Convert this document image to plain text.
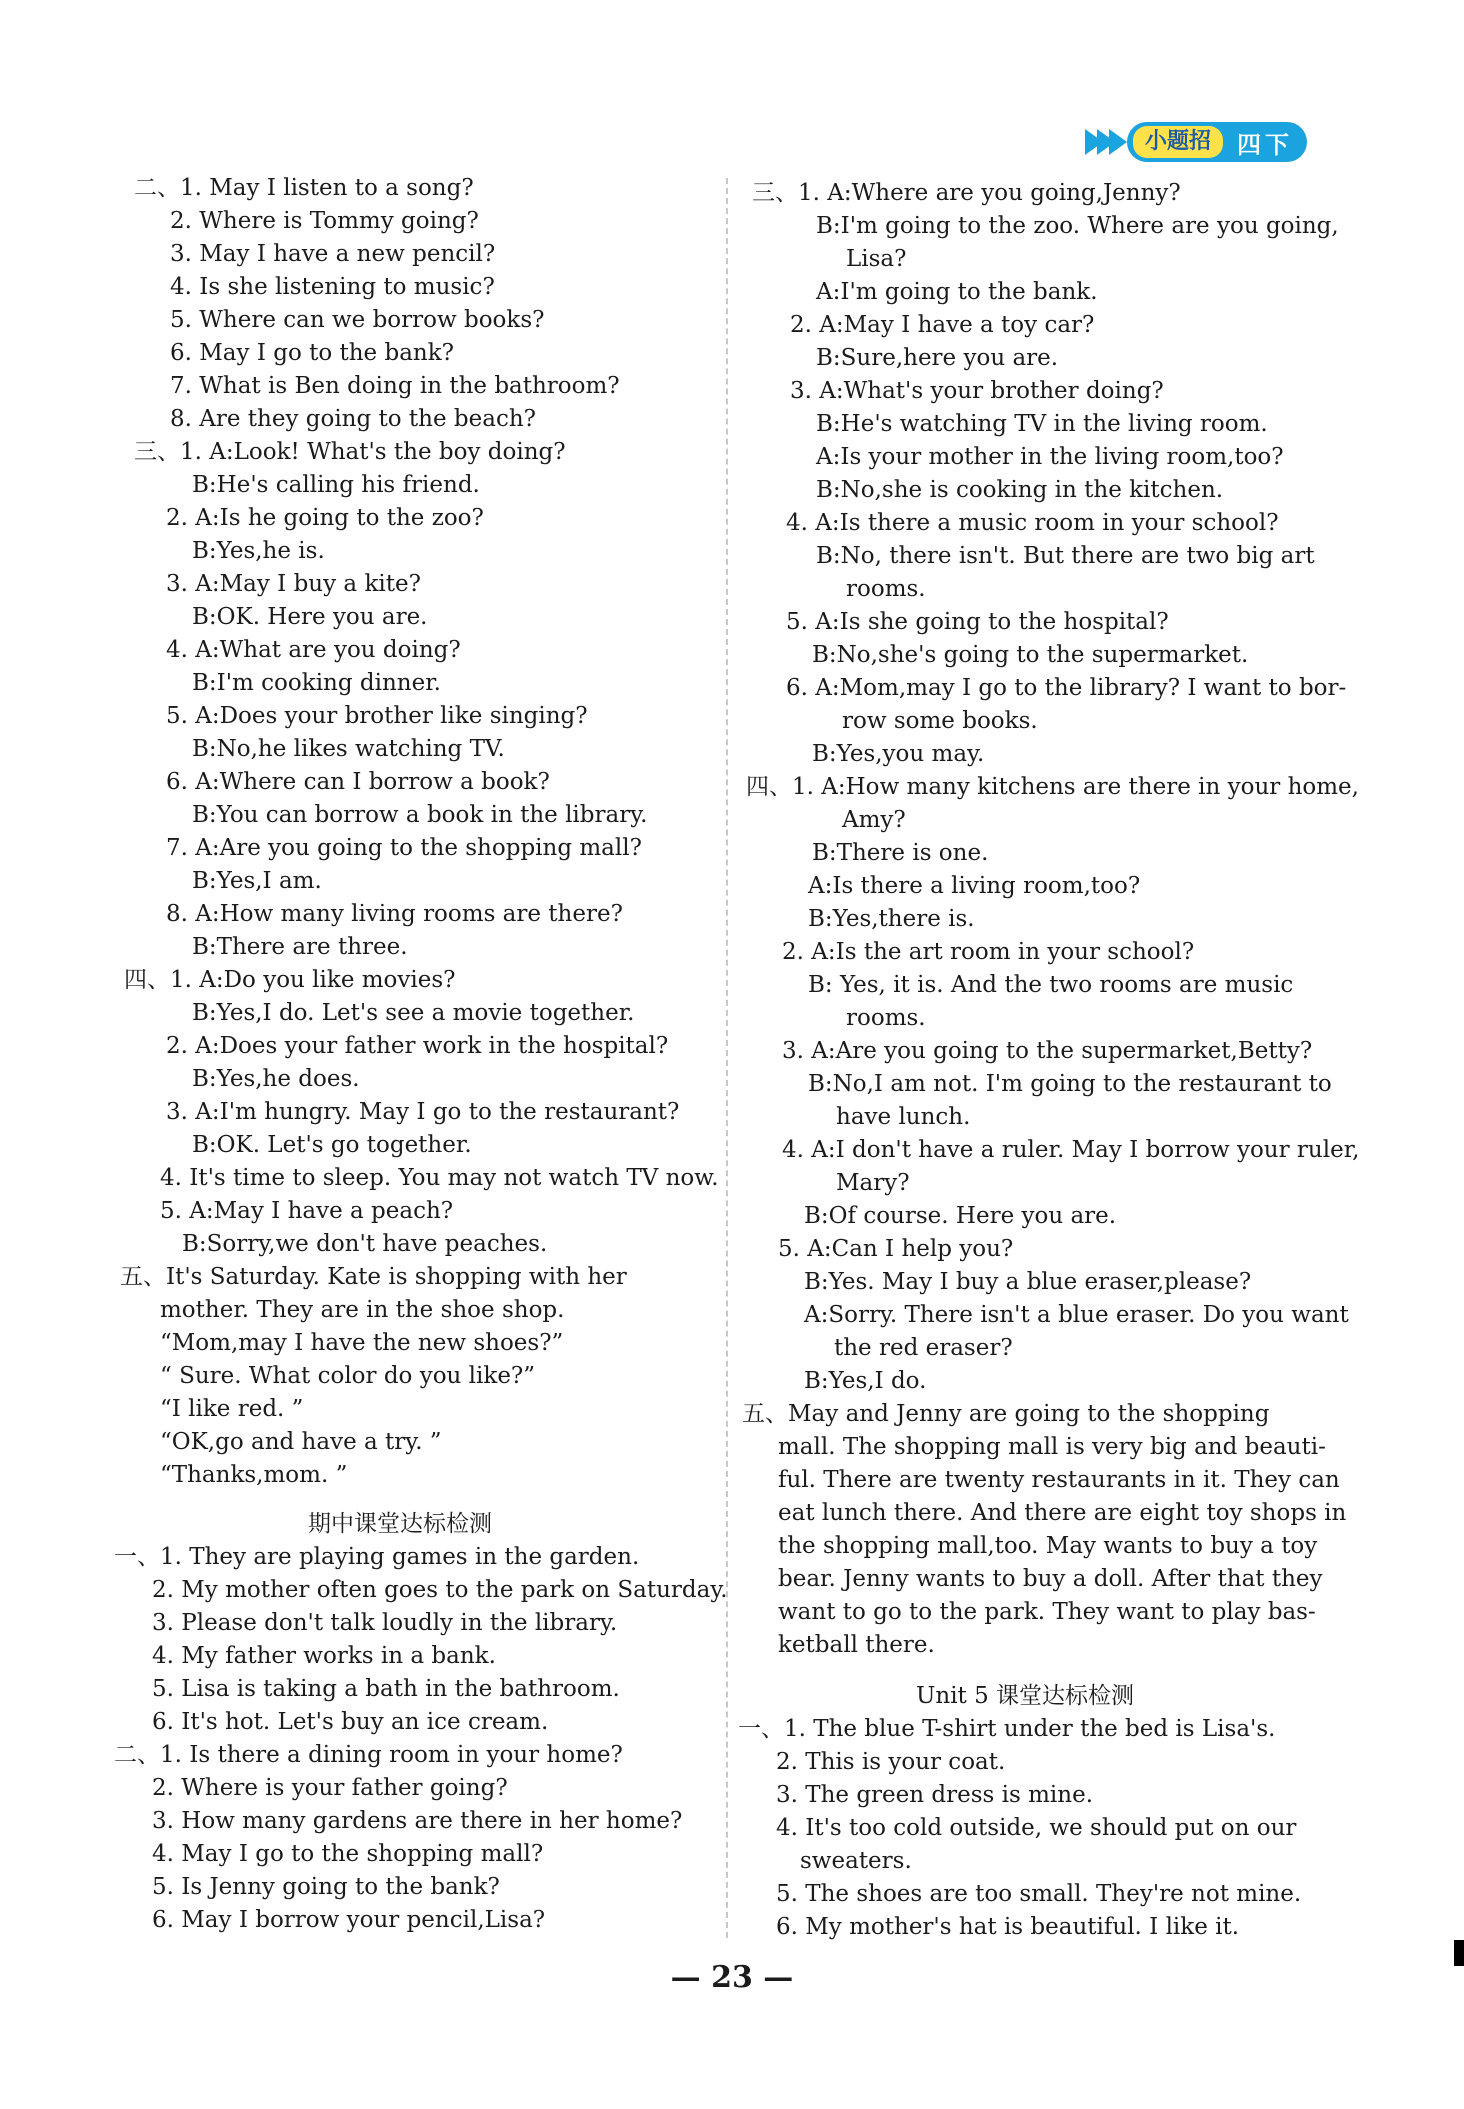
小题招	四下
二、1. May I listen to a song?
2. Where is Tommy going?
3. May I have a new pencil?
4. Is she listening to music?
5. Where can we borrow books?
6. May I go to the bank?
7. What is Ben doing in the bathroom?
8. Are they going to the beach?
三、1. A:Look! What's the boy doing?
B:He's calling his friend.
2. A:Is he going to the zoo?
B:Yes,he is.
3. A:May I buy a kite?
B:OK. Here you are.
4. A:What are you doing?
B:I'm cooking dinner.
5. A:Does your brother like singing?
B:No,he likes watching TV.
6. A:Where can I borrow a book?
B:You can borrow a book in the library.
7. A:Are you going to the shopping mall?
B:Yes,I am.
8. A:How many living rooms are there?
B:There are three.
四、1. A:Do you like movies?
B:Yes,I do. Let's see a movie together.
2. A:Does your father work in the hospital?
B:Yes,he does.
3. A:I'm hungry. May I go to the restaurant?
B:OK. Let's go together.
4. It's time to sleep. You may not watch TV now.
5. A:May I have a peach?
B:Sorry,we don't have peaches.
五、It's Saturday. Kate is shopping with her
mother. They are in the shoe shop.
“Mom,may I have the new shoes?”
“ Sure. What color do you like?”
“I like red. ”
“OK,go and have a try. ”
“Thanks,mom. ”
期中课堂达标检测
一、1. They are playing games in the garden.
2. My mother often goes to the park on Saturday.
3. Please don't talk loudly in the library.
4. My father works in a bank.
5. Lisa is taking a bath in the bathroom.
6. It's hot. Let's buy an ice cream.
二、1. Is there a dining room in your home?
2. Where is your father going?
3. How many gardens are there in her home?
4. May I go to the shopping mall?
5. Is Jenny going to the bank?
6. May I borrow your pencil,Lisa?
三、1. A:Where are you going,Jenny?
B:I'm going to the zoo. Where are you going,
Lisa?
A:I'm going to the bank.
2. A:May I have a toy car?
B:Sure,here you are.
3. A:What's your brother doing?
B:He's watching TV in the living room.
A:Is your mother in the living room,too?
B:No,she is cooking in the kitchen.
4. A:Is there a music room in your school?
B:No, there isn't. But there are two big art
rooms.
5. A:Is she going to the hospital?
B:No,she's going to the supermarket.
6. A:Mom,may I go to the library? I want to bor-
row some books.
B:Yes,you may.
四、1. A:How many kitchens are there in your home,
Amy?
B:There is one.
A:Is there a living room,too?
B:Yes,there is.
2. A:Is the art room in your school?
B: Yes, it is. And the two rooms are music
rooms.
3. A:Are you going to the supermarket,Betty?
B:No,I am not. I'm going to the restaurant to
have lunch.
4. A:I don't have a ruler. May I borrow your ruler,
Mary?
B:Of course. Here you are.
5. A:Can I help you?
B:Yes. May I buy a blue eraser,please?
A:Sorry. There isn't a blue eraser. Do you want
the red eraser?
B:Yes,I do.
五、May and Jenny are going to the shopping
mall. The shopping mall is very big and beauti-
ful. There are twenty restaurants in it. They can
eat lunch there. And there are eight toy shops in
the shopping mall,too. May wants to buy a toy
bear. Jenny wants to buy a doll. After that they
want to go to the park. They want to play bas-
ketball there.
Unit 5 课堂达标检测
一、1. The blue T-shirt under the bed is Lisa's.
2. This is your coat.
3. The green dress is mine.
4. It's too cold outside, we should put on our
sweaters.
5. The shoes are too small. They're not mine.
6. My mother's hat is beautiful. I like it.
— 23 —
